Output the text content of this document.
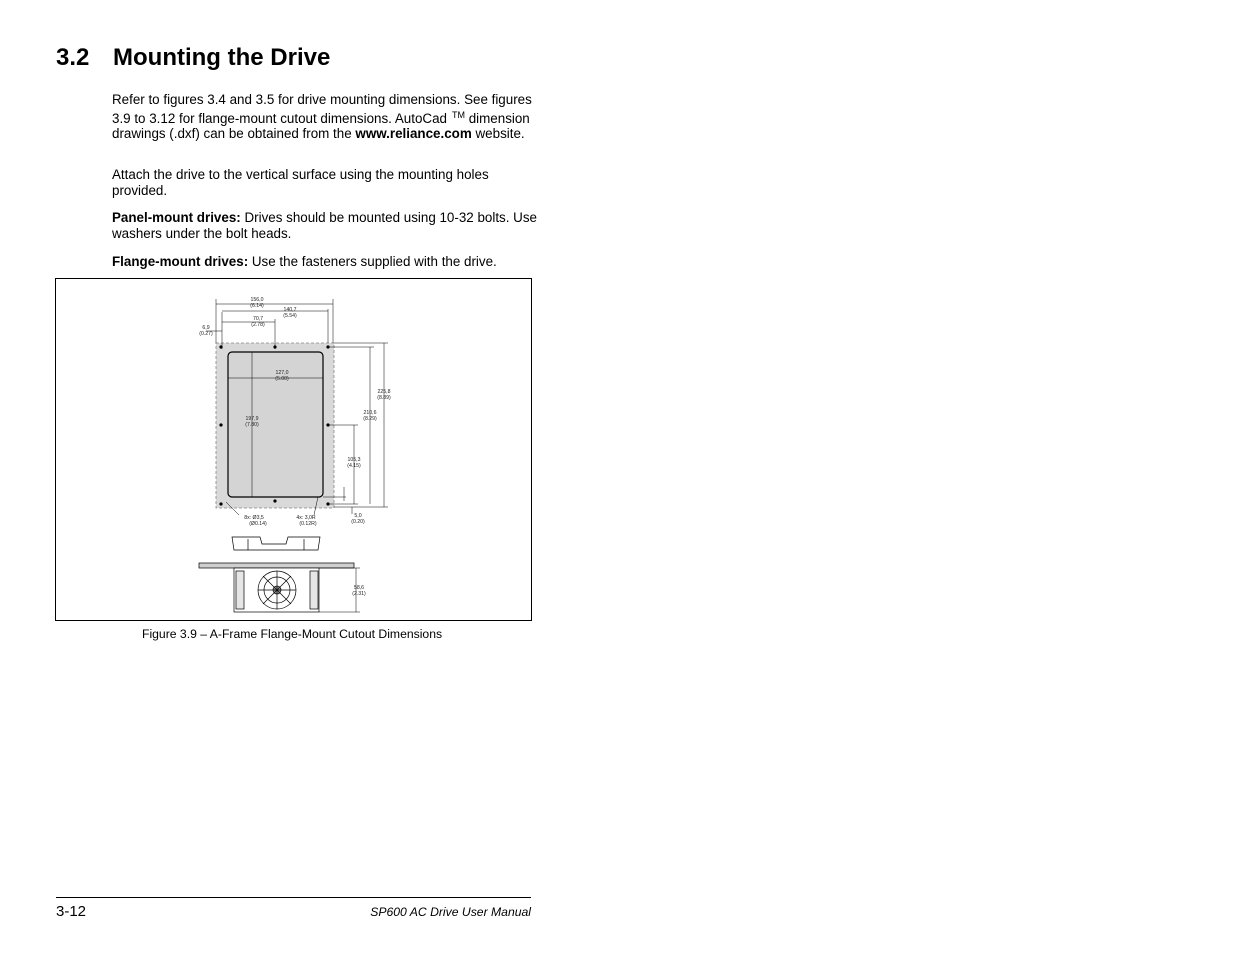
3.2 Mounting the Drive

Refer to figures 3.4 and 3.5 for drive mounting dimensions. See figures 3.9 to 3.12 for flange-mount cutout dimensions. AutoCad ™ dimension drawings (.dxf) can be obtained from the www.reliance.com website.

Attach the drive to the vertical surface using the mounting holes provided.

Panel-mount drives: Drives should be mounted using 10-32 bolts. Use washers under the bolt heads.

Flange-mount drives: Use the fasteners supplied with the drive.

156,0
(6.14)
140,7
(5.54)
70,7
(2.78)
6,9
(0.27)
127,0
(5.00)
197,9
(7.80)
225,8
(8.89)
210,6
(8.29)
105,3
(4.15)
5,0
(0.20)
8x: Ø3,5
(Ø0.14)
4x: 3,0R
(0.12R)
58,6
(2.31)
Figure 3.9 – A-Frame Flange-Mount Cutout Dimensions
3-12	SP600 AC Drive User Manual
